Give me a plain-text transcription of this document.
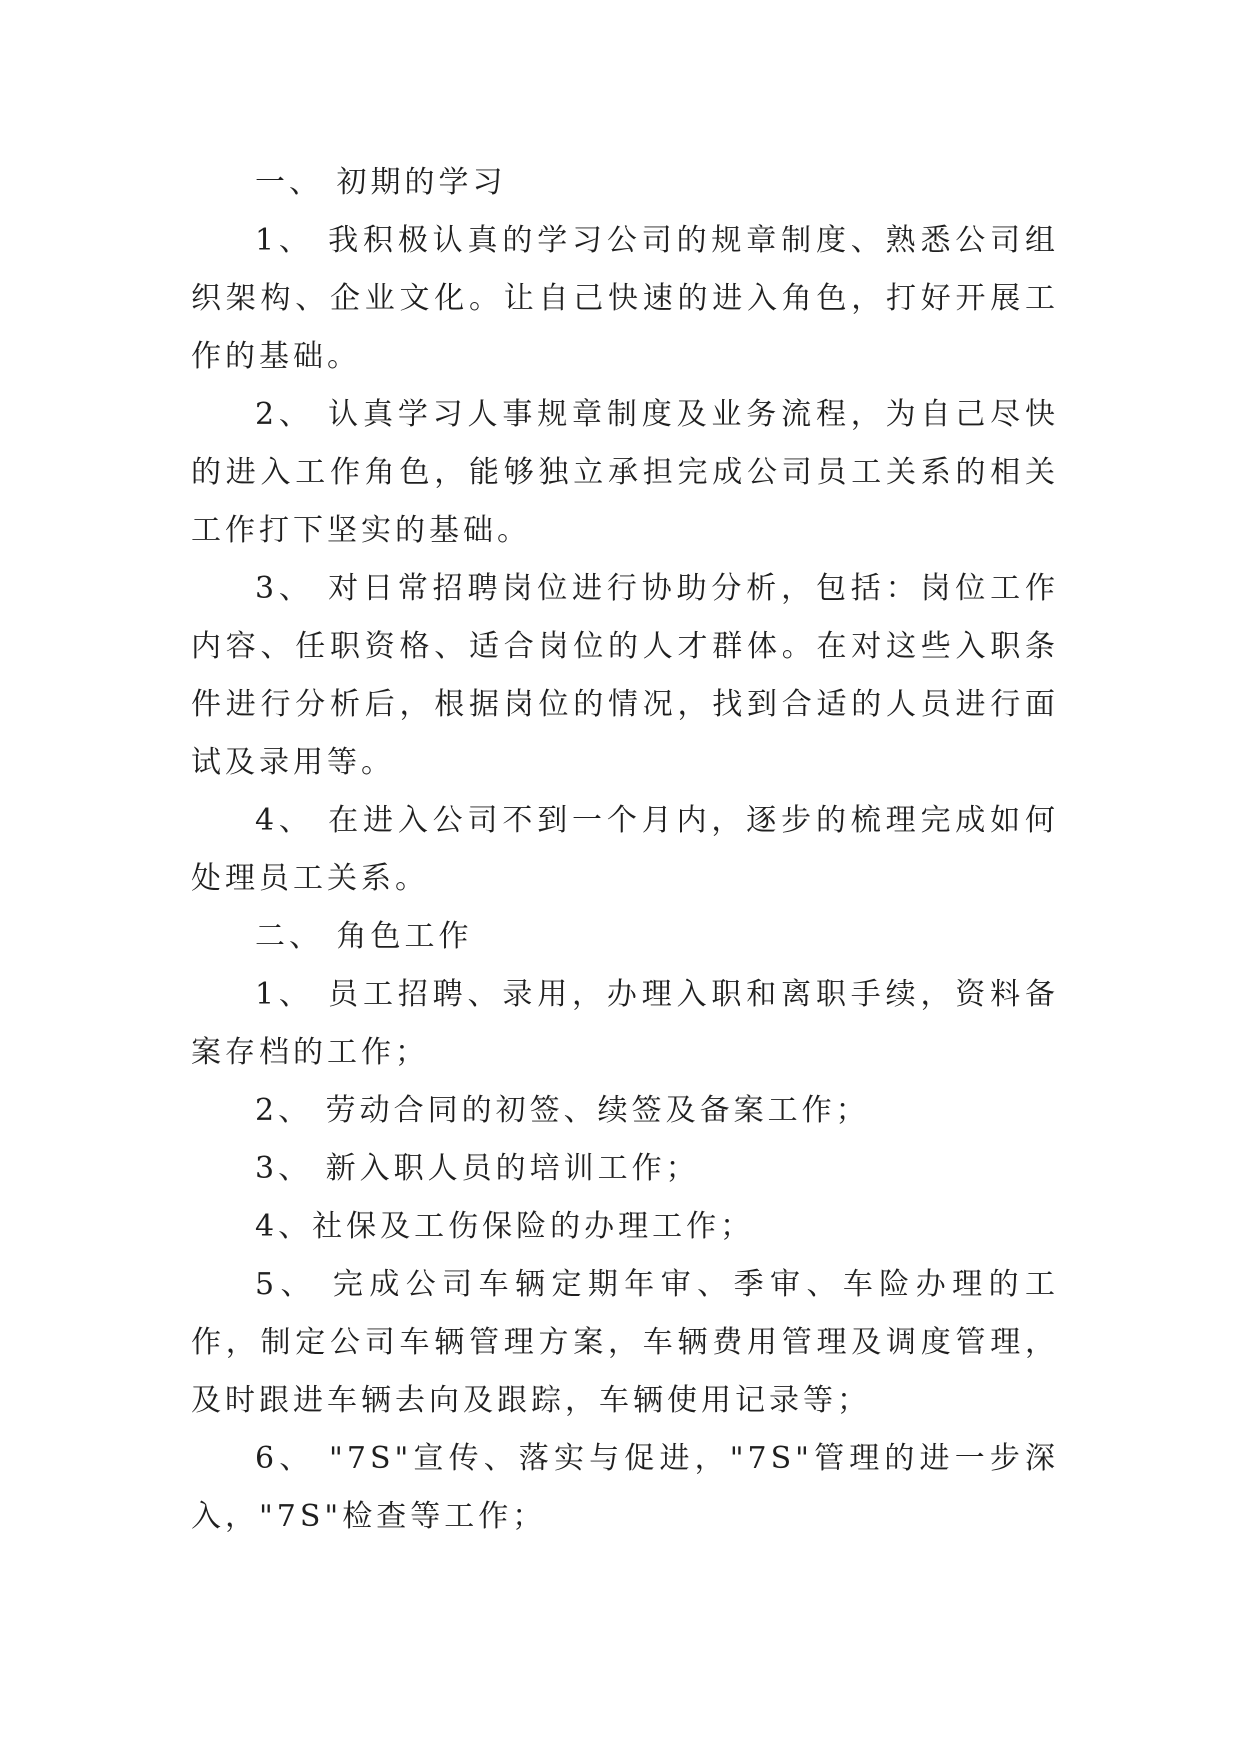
一、 初期的学习

1、 我积极认真的学习公司的规章制度、熟悉公司组织架构、企业文化。让自己快速的进入角色，打好开展工作的基础。

2、 认真学习人事规章制度及业务流程，为自己尽快的进入工作角色，能够独立承担完成公司员工关系的相关工作打下坚实的基础。

3、 对日常招聘岗位进行协助分析，包括：岗位工作内容、任职资格、适合岗位的人才群体。在对这些入职条件进行分析后，根据岗位的情况，找到合适的人员进行面试及录用等。

4、 在进入公司不到一个月内，逐步的梳理完成如何处理员工关系。

二、 角色工作

1、 员工招聘、录用，办理入职和离职手续，资料备案存档的工作；

2、 劳动合同的初签、续签及备案工作；

3、 新入职人员的培训工作；

4、社保及工伤保险的办理工作；

5、 完成公司车辆定期年审、季审、车险办理的工作，制定公司车辆管理方案，车辆费用管理及调度管理，及时跟进车辆去向及跟踪，车辆使用记录等；

6、 "7S"宣传、落实与促进，"7S"管理的进一步深入，"7S"检查等工作；
